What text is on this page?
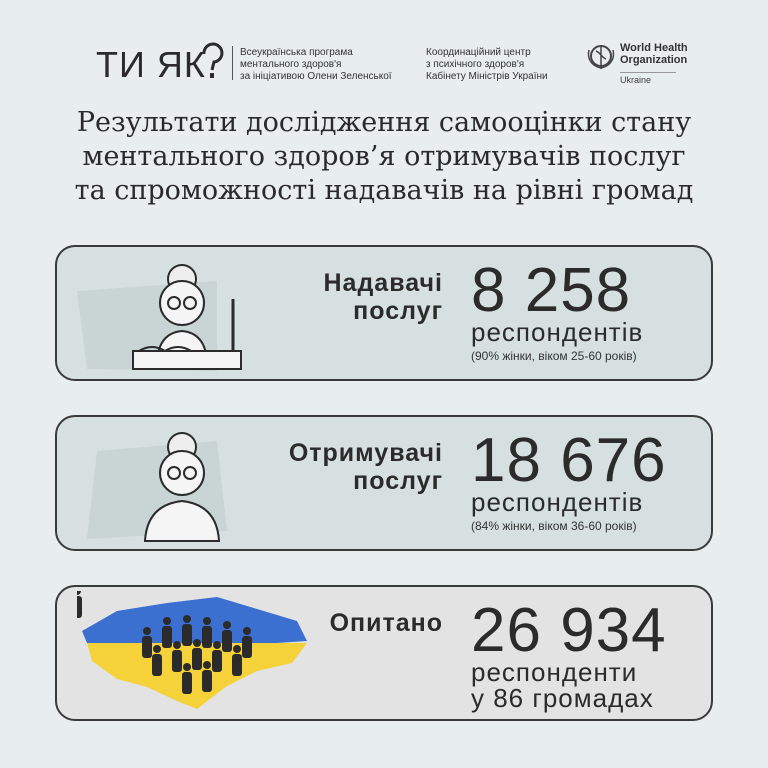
ТИ ЯК	Всеукраїнська програма
ментального здоров'я
за ініціативою Олени Зеленської
Координаційний центр
з психічного здоров'я
Кабінету Міністрів України
World Health
Organization
Ukraine
Результати дослідження самооцінки стану
ментального здоров’я отримувачів послуг
та спроможності надавачів на рівні громад
Надавачі
послуг 8 258
респондентів
(90% жінки, віком 25-60 років)
Отримувачі
послуг 18 676
респондентів
(84% жінки, віком 36-60 років)
Опитано 26 934
респонденти
у 86 громадах
